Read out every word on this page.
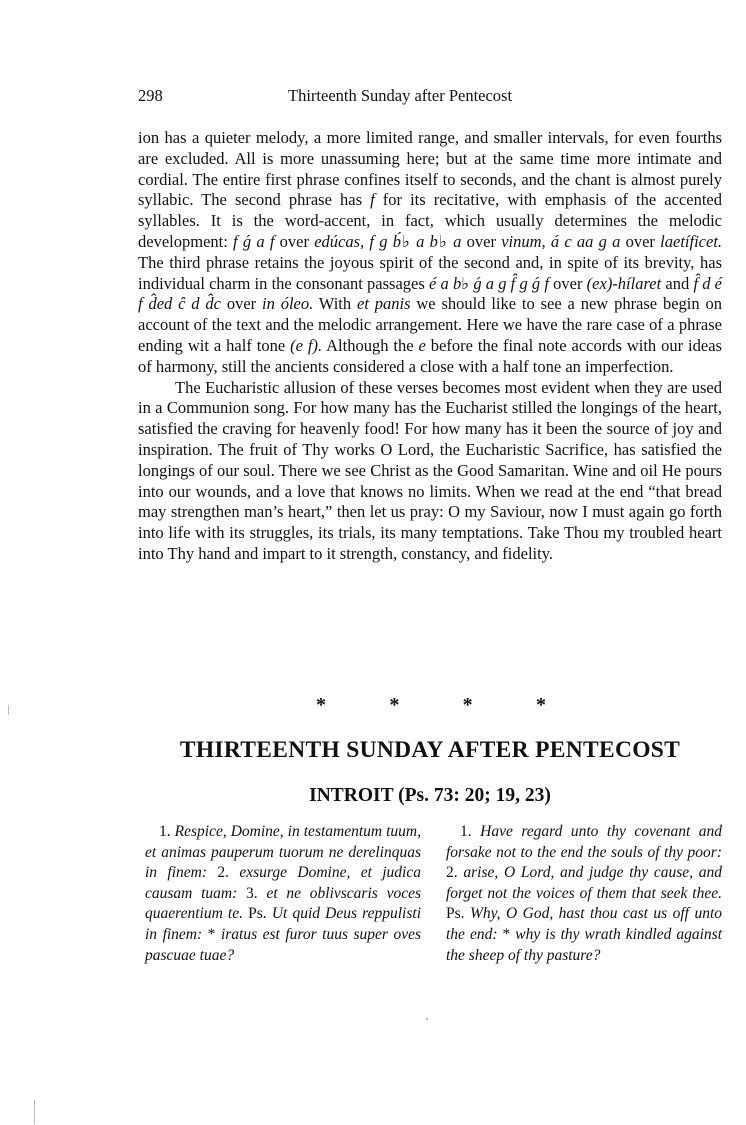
298	Thirteenth Sunday after Pentecost

ion has a quieter melody, a more limited range, and smaller intervals, for even fourths are excluded. All is more unassuming here; but at the same time more intimate and cordial. The entire first phrase confines itself to seconds, and the chant is almost purely syllabic. The second phrase has f for its recitative, with emphasis of the accented syllables. It is the word-accent, in fact, which usually determines the melodic development: f ǵ a f over edúcas, f g b́♭ a b♭ a over vinum, á c aa g a over laetíficet. The third phrase retains the joyous spirit of the second and, in spite of its brevity, has individual charm in the consonant passages é a b♭ ǵ a g f̂ g ǵ f over (ex)-hílaret and f̂ d é f d̂ed ĉ d d̂c over in óleo. With et panis we should like to see a new phrase begin on account of the text and the melodic arrangement. Here we have the rare case of a phrase ending wit a half tone (e f). Although the e before the final note accords with our ideas of harmony, still the ancients considered a close with a half tone an imperfection.

The Eucharistic allusion of these verses becomes most evident when they are used in a Communion song. For how many has the Eucharist stilled the longings of the heart, satisfied the craving for heavenly food! For how many has it been the source of joy and inspiration. The fruit of Thy works O Lord, the Eucharistic Sacrifice, has satisfied the longings of our soul. There we see Christ as the Good Samaritan. Wine and oil He pours into our wounds, and a love that knows no limits. When we read at the end “that bread may strengthen man’s heart,” then let us pray: O my Saviour, now I must again go forth into life with its struggles, its trials, its many temptations. Take Thou my troubled heart into Thy hand and impart to it strength, constancy, and fidelity.

*	*	*	*
THIRTEENTH SUNDAY AFTER PENTECOST
INTROIT (Ps. 73: 20; 19, 23)

1. Respice, Domine, in testamentum tuum, et animas pauperum tuorum ne derelinquas in finem: 2. exsurge Domine, et judica causam tuam: 3. et ne oblivscaris voces quaerentium te. Ps. Ut quid Deus reppulisti in finem: * iratus est furor tuus super oves pascuae tuae?

1. Have regard unto thy covenant and forsake not to the end the souls of thy poor: 2. arise, O Lord, and judge thy cause, and forget not the voices of them that seek thee. Ps. Why, O God, hast thou cast us off unto the end: * why is thy wrath kindled against the sheep of thy pasture?
